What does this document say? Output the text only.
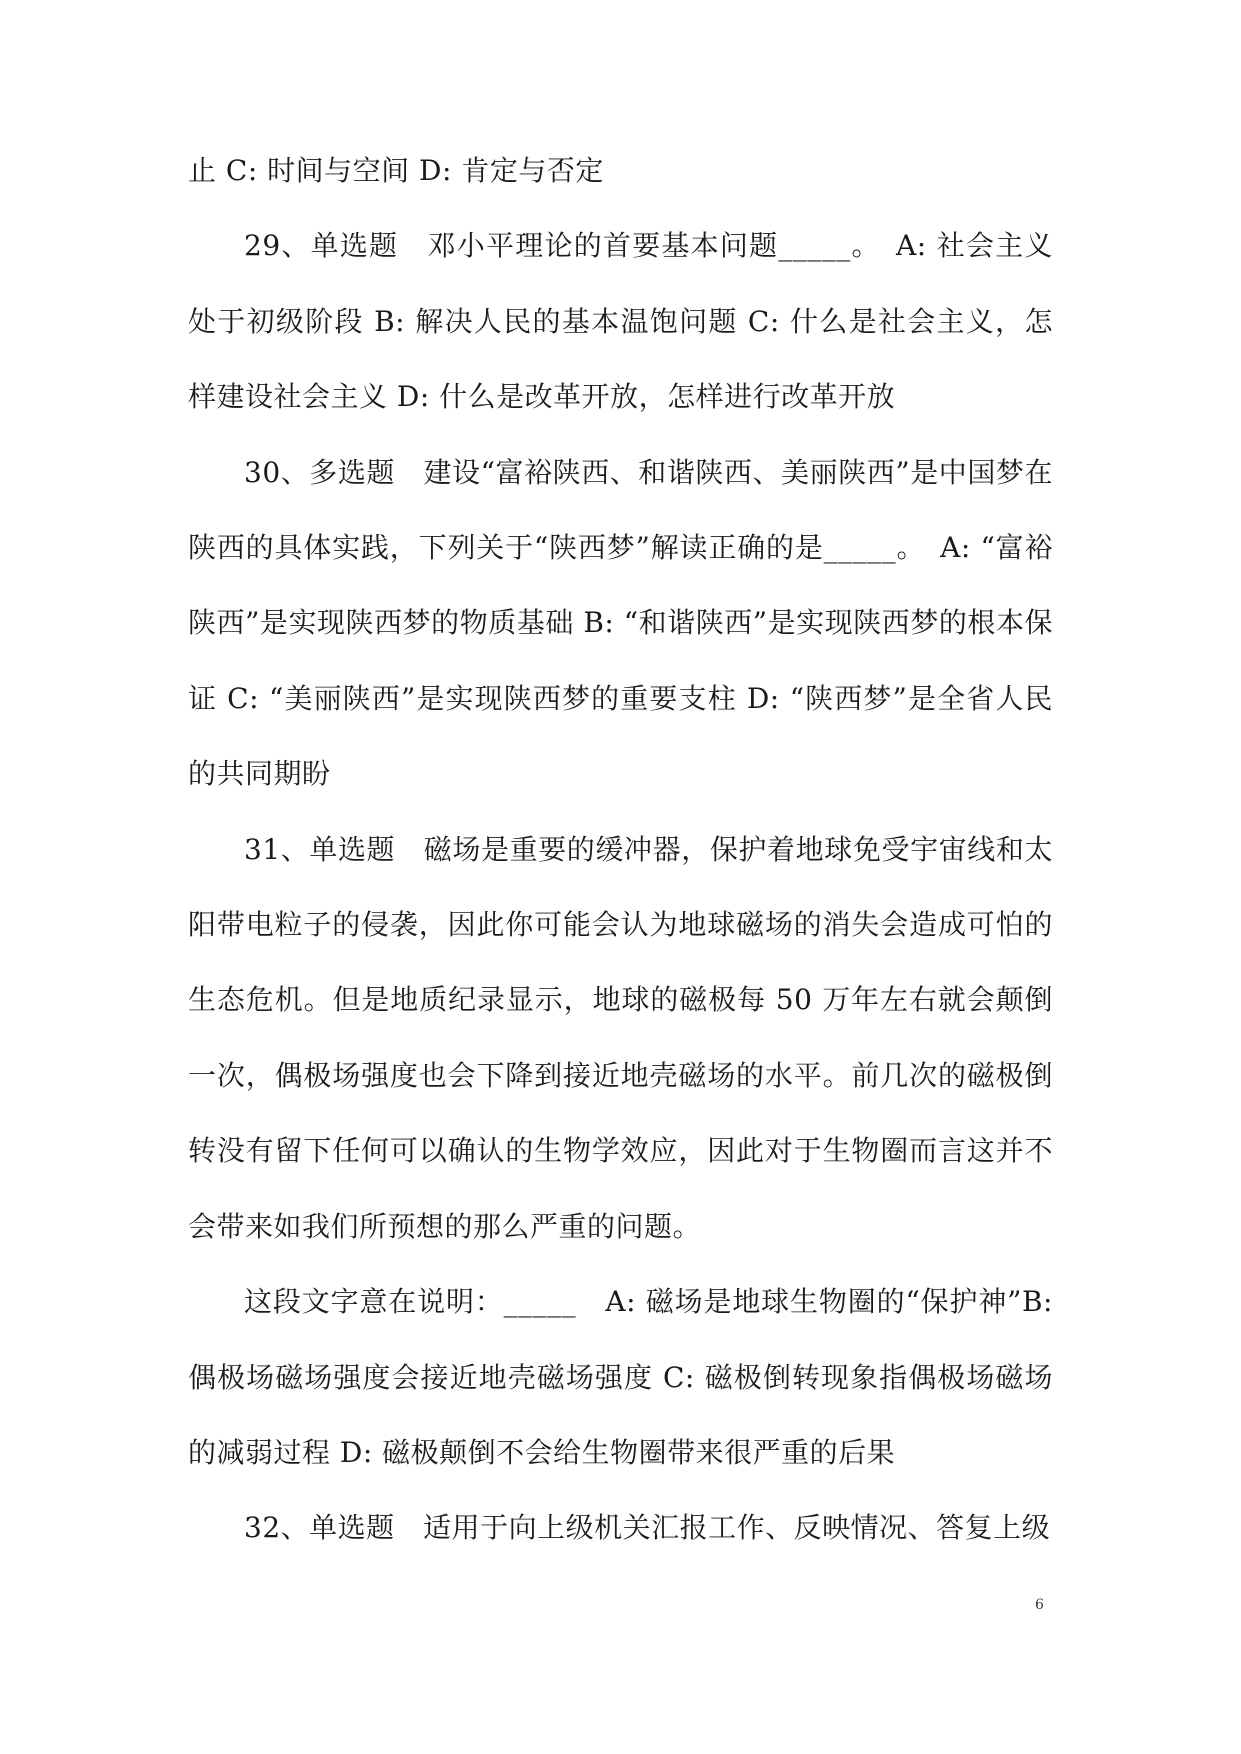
止 C: 时间与空间 D: 肯定与否定

29、单选题　邓小平理论的首要基本问题_____。　A: 社会主义处于初级阶段 B: 解决人民的基本温饱问题 C: 什么是社会主义，怎样建设社会主义 D: 什么是改革开放，怎样进行改革开放

30、多选题　建设“富裕陕西、和谐陕西、美丽陕西”是中国梦在陕西的具体实践，下列关于“陕西梦”解读正确的是_____。　A: “富裕陕西”是实现陕西梦的物质基础 B: “和谐陕西”是实现陕西梦的根本保证 C: “美丽陕西”是实现陕西梦的重要支柱 D: “陕西梦”是全省人民的共同期盼

31、单选题　磁场是重要的缓冲器，保护着地球免受宇宙线和太阳带电粒子的侵袭，因此你可能会认为地球磁场的消失会造成可怕的生态危机。但是地质纪录显示，地球的磁极每 50 万年左右就会颠倒一次，偶极场强度也会下降到接近地壳磁场的水平。前几次的磁极倒转没有留下任何可以确认的生物学效应，因此对于生物圈而言这并不会带来如我们所预想的那么严重的问题。

这段文字意在说明：_____　A: 磁场是地球生物圈的“保护神”B: 偶极场磁场强度会接近地壳磁场强度 C: 磁极倒转现象指偶极场磁场的减弱过程 D: 磁极颠倒不会给生物圈带来很严重的后果

32、单选题　适用于向上级机关汇报工作、反映情况、答复上级

6
